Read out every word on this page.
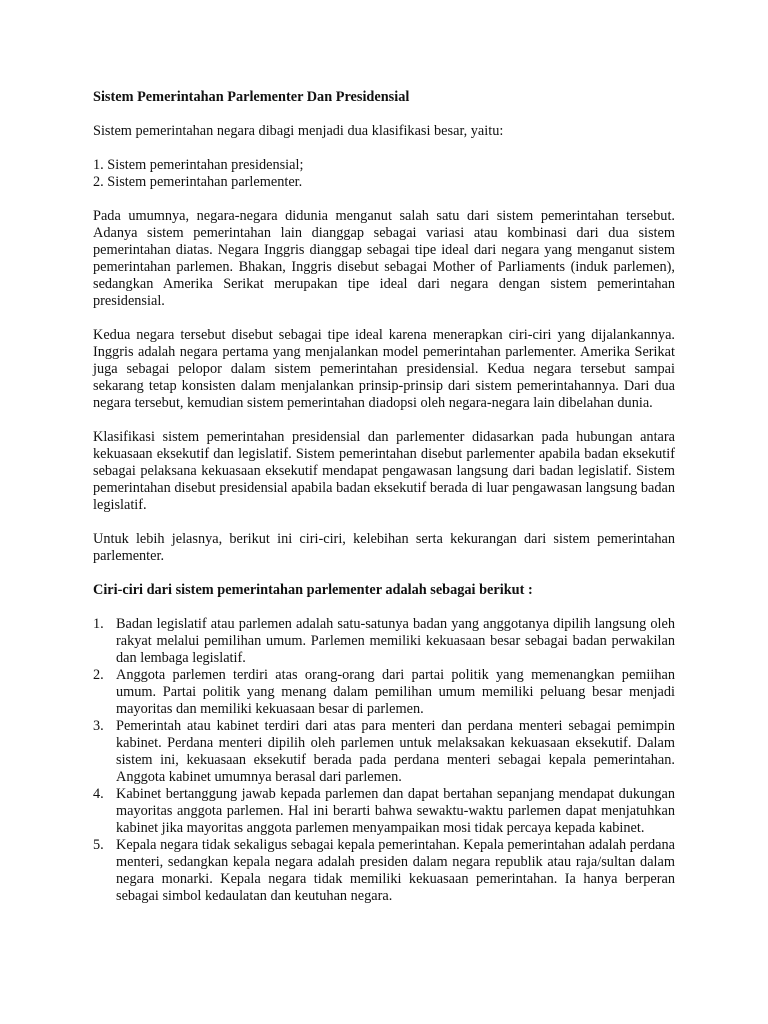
Sistem Pemerintahan Parlementer Dan Presidensial
Sistem pemerintahan negara dibagi menjadi dua klasifikasi besar, yaitu:
1. Sistem pemerintahan presidensial;
2. Sistem pemerintahan parlementer.

Pada umumnya, negara-negara didunia menganut salah satu dari sistem pemerintahan tersebut. Adanya sistem pemerintahan lain dianggap sebagai variasi atau kombinasi dari dua sistem pemerintahan diatas. Negara Inggris dianggap sebagai tipe ideal dari negara yang menganut sistem pemerintahan parlemen. Bhakan, Inggris disebut sebagai Mother of Parliaments (induk parlemen), sedangkan Amerika Serikat merupakan tipe ideal dari negara dengan sistem pemerintahan presidensial.

Kedua negara tersebut disebut sebagai tipe ideal karena menerapkan ciri-ciri yang dijalankannya. Inggris adalah negara pertama yang menjalankan model pemerintahan parlementer. Amerika Serikat juga sebagai pelopor dalam sistem pemerintahan presidensial. Kedua negara tersebut sampai sekarang tetap konsisten dalam menjalankan prinsip-prinsip dari sistem pemerintahannya. Dari dua negara tersebut, kemudian sistem pemerintahan diadopsi oleh negara-negara lain dibelahan dunia.

Klasifikasi sistem pemerintahan presidensial dan parlementer didasarkan pada hubungan antara kekuasaan eksekutif dan legislatif. Sistem pemerintahan disebut parlementer apabila badan eksekutif sebagai pelaksana kekuasaan eksekutif mendapat pengawasan langsung dari badan legislatif. Sistem pemerintahan disebut presidensial apabila badan eksekutif berada di luar pengawasan langsung badan legislatif.

Untuk lebih jelasnya, berikut ini ciri-ciri, kelebihan serta kekurangan dari sistem pemerintahan parlementer.

Ciri-ciri dari sistem pemerintahan parlementer adalah sebagai berikut :
1. Badan legislatif atau parlemen adalah satu-satunya badan yang anggotanya dipilih langsung oleh rakyat melalui pemilihan umum. Parlemen memiliki kekuasaan besar sebagai badan perwakilan dan lembaga legislatif.
2. Anggota parlemen terdiri atas orang-orang dari partai politik yang memenangkan pemiihan umum. Partai politik yang menang dalam pemilihan umum memiliki peluang besar menjadi mayoritas dan memiliki kekuasaan besar di parlemen.
3. Pemerintah atau kabinet terdiri dari atas para menteri dan perdana menteri sebagai pemimpin kabinet. Perdana menteri dipilih oleh parlemen untuk melaksakan kekuasaan eksekutif. Dalam sistem ini, kekuasaan eksekutif berada pada perdana menteri sebagai kepala pemerintahan. Anggota kabinet umumnya berasal dari parlemen.
4. Kabinet bertanggung jawab kepada parlemen dan dapat bertahan sepanjang mendapat dukungan mayoritas anggota parlemen. Hal ini berarti bahwa sewaktu-waktu parlemen dapat menjatuhkan kabinet jika mayoritas anggota parlemen menyampaikan mosi tidak percaya kepada kabinet.
5. Kepala negara tidak sekaligus sebagai kepala pemerintahan. Kepala pemerintahan adalah perdana menteri, sedangkan kepala negara adalah presiden dalam negara republik atau raja/sultan dalam negara monarki. Kepala negara tidak memiliki kekuasaan pemerintahan. Ia hanya berperan sebagai simbol kedaulatan dan keutuhan negara.
